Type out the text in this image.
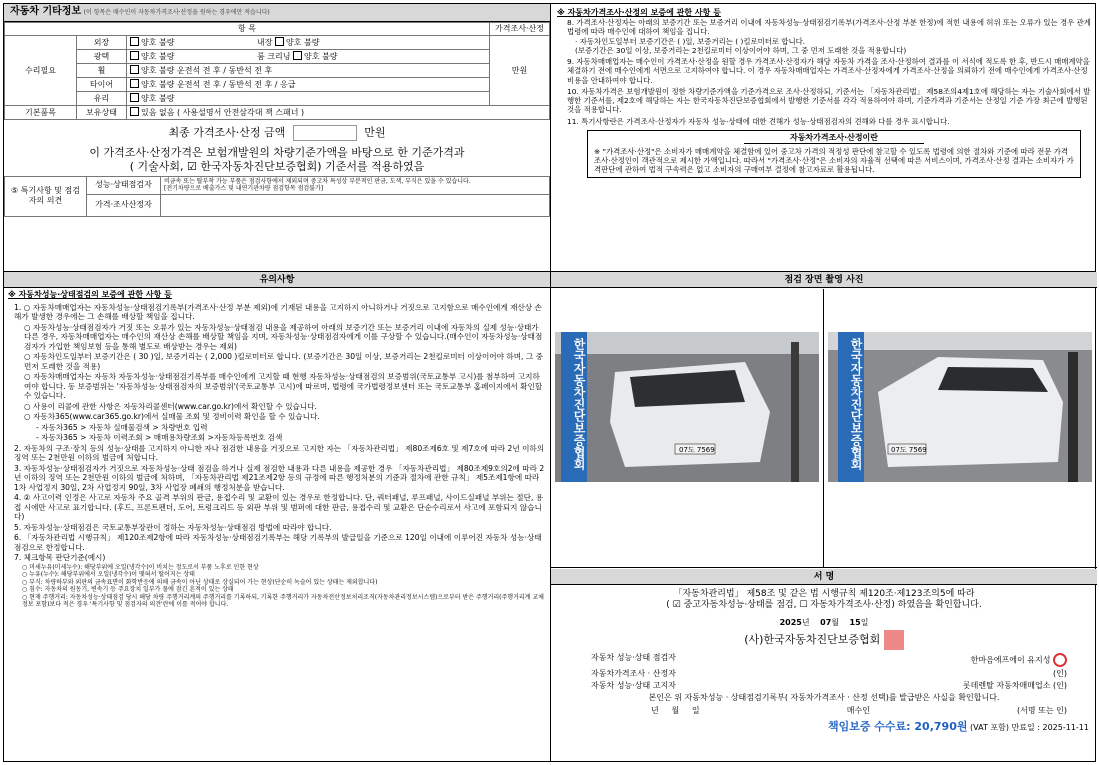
자동차 기타정보 (이 항목은 매수인이 자동차가격조사·산정을 원하는 경우에만 적습니다)
항 목			가격조사·산정
수리필요	외장	양호 불량 내장 양호 불량	만원
	광택	양호 불량 룸 크리닝 양호 불량	
	휠	양호 불량 운전석 전 후 / 동반석 전 후	
	타이어	양호 불량 운전석 전 후 / 동반석 전 후 / 응급	
	유리	양호 불량	
기본품목	보유상태	있음 없음 ( 사용설명서 안전삼각대 잭 스패너 )	
최종 가격조사·산정 금액	만원
이 가격조사·산정가격은 보험개발원의 차량기준가액을 바탕으로 한 기준가격과
( 기술사회, ☑ 한국자동차진단보증협회) 기준서를 적용하였음
⑤ 특기사항 및 점검자의 의견	성능·상태점검자	비금속 또는 탈부착 가능 부품은 점검사항에서 제외되며 중고차 특성상 부분적인 판금, 도색, 부식은 있을 수 있습니다.
[전기차량으로 배출가스 및 내연기관차량 점검항목 점검불가]

	가격·조사산정자	
※ 자동차가격조사·산정의 보증에 관한 사항 등
8. 가격조사·산정자는 아래의 보증기간 또는 보증거리 이내에 자동차성능·상태점검기록부(가격조사·산정 부분 한정)에 적힌 내용에 허위 또는 오류가 있는 경우 관계법령에 따라 매수인에 대하여 책임을 집니다.
· 자동차인도일부터 보증기간은 ( )일, 보증거리는 ( )킬로미터로 합니다.
(보증기간은 30일 이상, 보증거리는 2천킬로미터 이상이어야 하며, 그 중 먼저 도래한 것을 적용합니다)
9. 자동차매매업자는 매수인이 가격조사·산정을 원할 경우 가격조사·산정자가 해당 자동차 가격을 조사·산정하여 결과를 이 서식에 적도록 한 후, 반드시 매매계약을 체결하기 전에 매수인에게 서면으로 고지하여야 합니다. 이 경우 자동차매매업자는 가격조사·산정자에게 가격조사·산정을 의뢰하기 전에 매수인에게 가격조사·산정 비용을 안내하여야 합니다.
10. 자동차가격은 보험개발원이 정한 차량기준가액을 기준가격으로 조사·산정하되, 기준서는 「자동차관리법」 제58조의4제1호에 해당하는 자는 기술사회에서 발행한 기준서를, 제2호에 해당하는 자는 한국자동차진단보증협회에서 발행한 기준서를 각각 적용하여야 하며, 기준가격과 기준서는 산정일 기준 가장 최근에 발행된 것을 적용합니다.
11. 특기사항란은 가격조사·산정자가 자동차 성능·상태에 대한 견해가 성능·상태점검자의 견해와 다를 경우 표시합니다.
자동차가격조사·산정이란
※ "가격조사·산정"은 소비자가 매매계약을 체결함에 있어 중고차 가격의 적정성 판단에 참고할 수 있도록 법령에 의한 절차와 기준에 따라 전문 가격조사·산정인이 객관적으로 제시한 가액입니다. 따라서 "가격조사·산정"은 소비자의 자율적 선택에 따른 서비스이며, 가격조사·산정 결과는 소비자가 가격판단에 관하여 법적 구속력은 없고 소비자의 구매여부 결정에 참고자료로 활용됩니다.
유의사항
※ 자동차성능·상태점검의 보증에 관한 사항 등
1. ○ 자동차매매업자는 자동차성능·상태점검기록부(가격조사·산정 부분 제외)에 기재된 내용을 고지하지 아니하거나 거짓으로 고지함으로 매수인에게 재산상 손해가 발생한 경우에는 그 손해를 배상할 책임을 집니다.
○ 자동차성능·상태점검자가 거짓 또는 오류가 있는 자동차성능·상태점검 내용을 제공하여 아래의 보증기간 또는 보증거리 이내에 자동차의 실제 성능·상태가 다른 경우, 자동차매매업자는 매수인의 재산상 손해를 배상할 책임을 지며, 자동차성능·상태점검자에게 이를 구상할 수 있습니다.(매수인이 자동차성능·상태점검자가 가입한 책임보험 등을 통해 별도로 배상받는 경우는 제외)
○ 자동차인도일부터 보증기간은 ( 30 )일, 보증거리는 ( 2,000 )킬로미터로 합니다. (보증기간은 30일 이상, 보증거리는 2천킬로미터 이상이어야 하며, 그 중 먼저 도래한 것을 적용)
○ 자동차매매업자는 자동차 자동차성능·상태점검기록부를 매수인에게 고지할 때 현행 자동차성능·상태점검의 보증범위(국토교통부 고시)를 첨부하여 고지하여야 합니다. 동 보증범위는 '자동차성능·상태점검자의 보증범위'(국토교통부 고시)에 따르며, 법령에 국가법령정보센터 또는 국토교통부 홈페이지에서 확인할 수 있습니다.
○ 사용이 리콜에 관한 사항은 자동차리콜센터(www.car.go.kr)에서 확인할 수 있습니다.
○ 자동차365(www.car365.go.kr)에서 실매물 조회 및 정비이력 확인을 할 수 있습니다.
- 자동차365 > 자동차 실매물검색 > 차량번호 입력
- 자동차365 > 자동차 이력조회 > 매매용차량조회 >자동차등록번호 검색
2. 자동차의 구조·장치 등의 성능·상태를 고지하지 아니한 자나 점검한 내용을 거짓으로 고지한 자는 「자동차관리법」 제80조제6호 및 제7호에 따라 2년 이하의 징역 또는 2천만원 이하의 벌금에 처합니다.
3. 자동차성능·상태점검자가 거짓으로 자동차성능·상태 점검을 하거나 실제 점검한 내용과 다른 내용을 제공한 경우 「자동차관리법」 제80조제9호의2에 따라 2년 이하의 징역 또는 2천만원 이하의 벌금에 처하며, 「자동차관리법 제21조제2항 등의 규정에 따른 행정처분의 기준과 절차에 관한 규칙」 제5조제1항에 따라 1차 사업정지 30일, 2차 사업정지 90일, 3차 사업장 폐쇄의 행정처분을 받습니다.
4. ② 사고이력 인정은 사고로 자동차 주요 골격 부위의 판금, 용접수리 및 교환이 있는 경우로 한정합니다. 단, 쿼터패널, 루프패널, 사이드실패널 부위는 절단, 용접 시에만 사고로 표기합니다. (후드, 프론트펜더, 도어, 트렁크리드 등 외판 부위 및 범퍼에 대한 판금, 용접수리 및 교환은 단순수리로서 사고에 포함되지 않습니다)
5. 자동차성능·상태점검은 국토교통부장관이 정하는 자동차성능·상태점검 방법에 따라야 합니다.
6. 「자동차관리법 시행규칙」 제120조제2항에 따라 자동차성능·상태점검기록부는 해당 기록부의 발급일을 기준으로 120일 이내에 이루어진 자동차 성능·상태점검으로 한정합니다.
7. 체크항목 판단기준(예시)
○ 미세누유(미세누수): 해당부위에 오일(냉각수)이 비치는 정도로서 부품 노후로 인한 현상
○ 누유(누수): 해당부위에서 오일(냉각수)이 맺혀서 떨어지는 상태
○ 부식: 차량하부와 외판의 금속표면이 화학반응에 의해 금속이 아닌 상태로 상실되어 가는 현상(단순히 녹슬어 있는 상태는 제외합니다)
○ 침수: 자동차의 원동기, 변속기 등 주요장치 일부가 물에 잠긴 흔적이 있는 상태
○ 현재 주행거리: 자동차성능·상태점검 당시 해당 차량 주행거리계의 주행거리를 기록하되, 기록한 주행거리가 자동차전산정보처리조직(자동차관리정보시스템)으로부터 받은 주행거리(주행거리계 교체 정보 포함)보다 적은 경우 '특기사항 및 점검자의 의견'란에 이를 적어야 합니다.
점검 장면 촬영 사진
07도 7569
한국자동차진단보증협회	07도 7569
한국자동차진단보증협회
서 명
「자동차관리법」 제58조 및 같은 법 시행규칙 제120조·제123조의5에 따라
( ☑ 중고자동차성능·상태를 점검, ☐ 자동차가격조사·산정) 하였음을 확인합니다.
2025년 07월 15일
(사)한국자동차진단보증협회
자동차 성능·상태 점검자	한마음에프에이 유지성
자동차가격조사 · 산정자	(인)
자동차 성능·상태 고지자	롯데렌탈 자동차매매업소 (인)
본인은 위 자동차성능 · 상태점검기록부( 자동차가격조사 · 산정 선택)를 발급받은 사실을 확인합니다.
년 월 일	매수인	(서명 또는 인)
책임보증 수수료: 20,790원 (VAT 포함) 만료일 : 2025-11-11
